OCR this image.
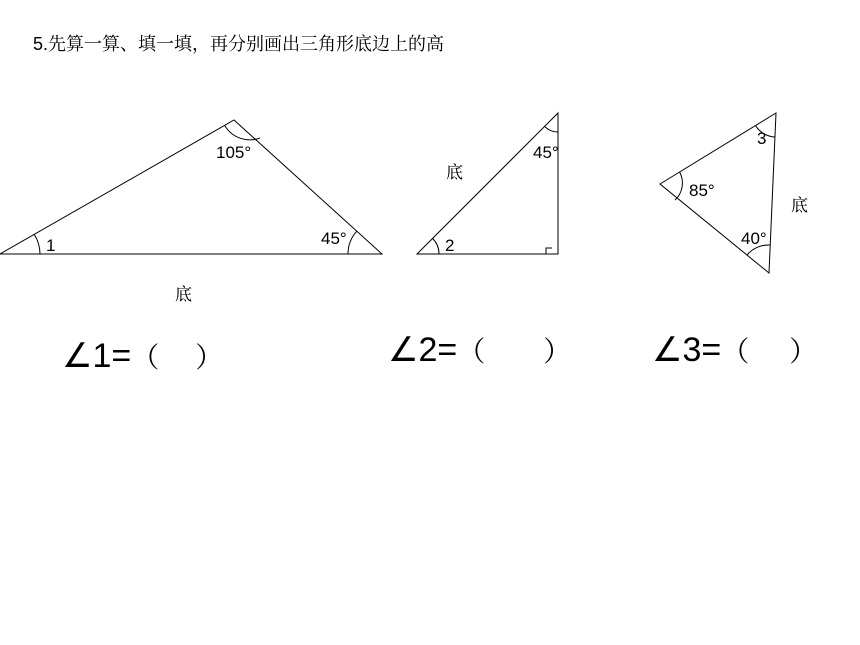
5.先算一算、填一填，再分别画出三角形底边上的高
105°
45°
1
底
45°
2
底
3
85°
40°
底
∠1=（ ）	∠2=（ ） ∠3=（ ）
